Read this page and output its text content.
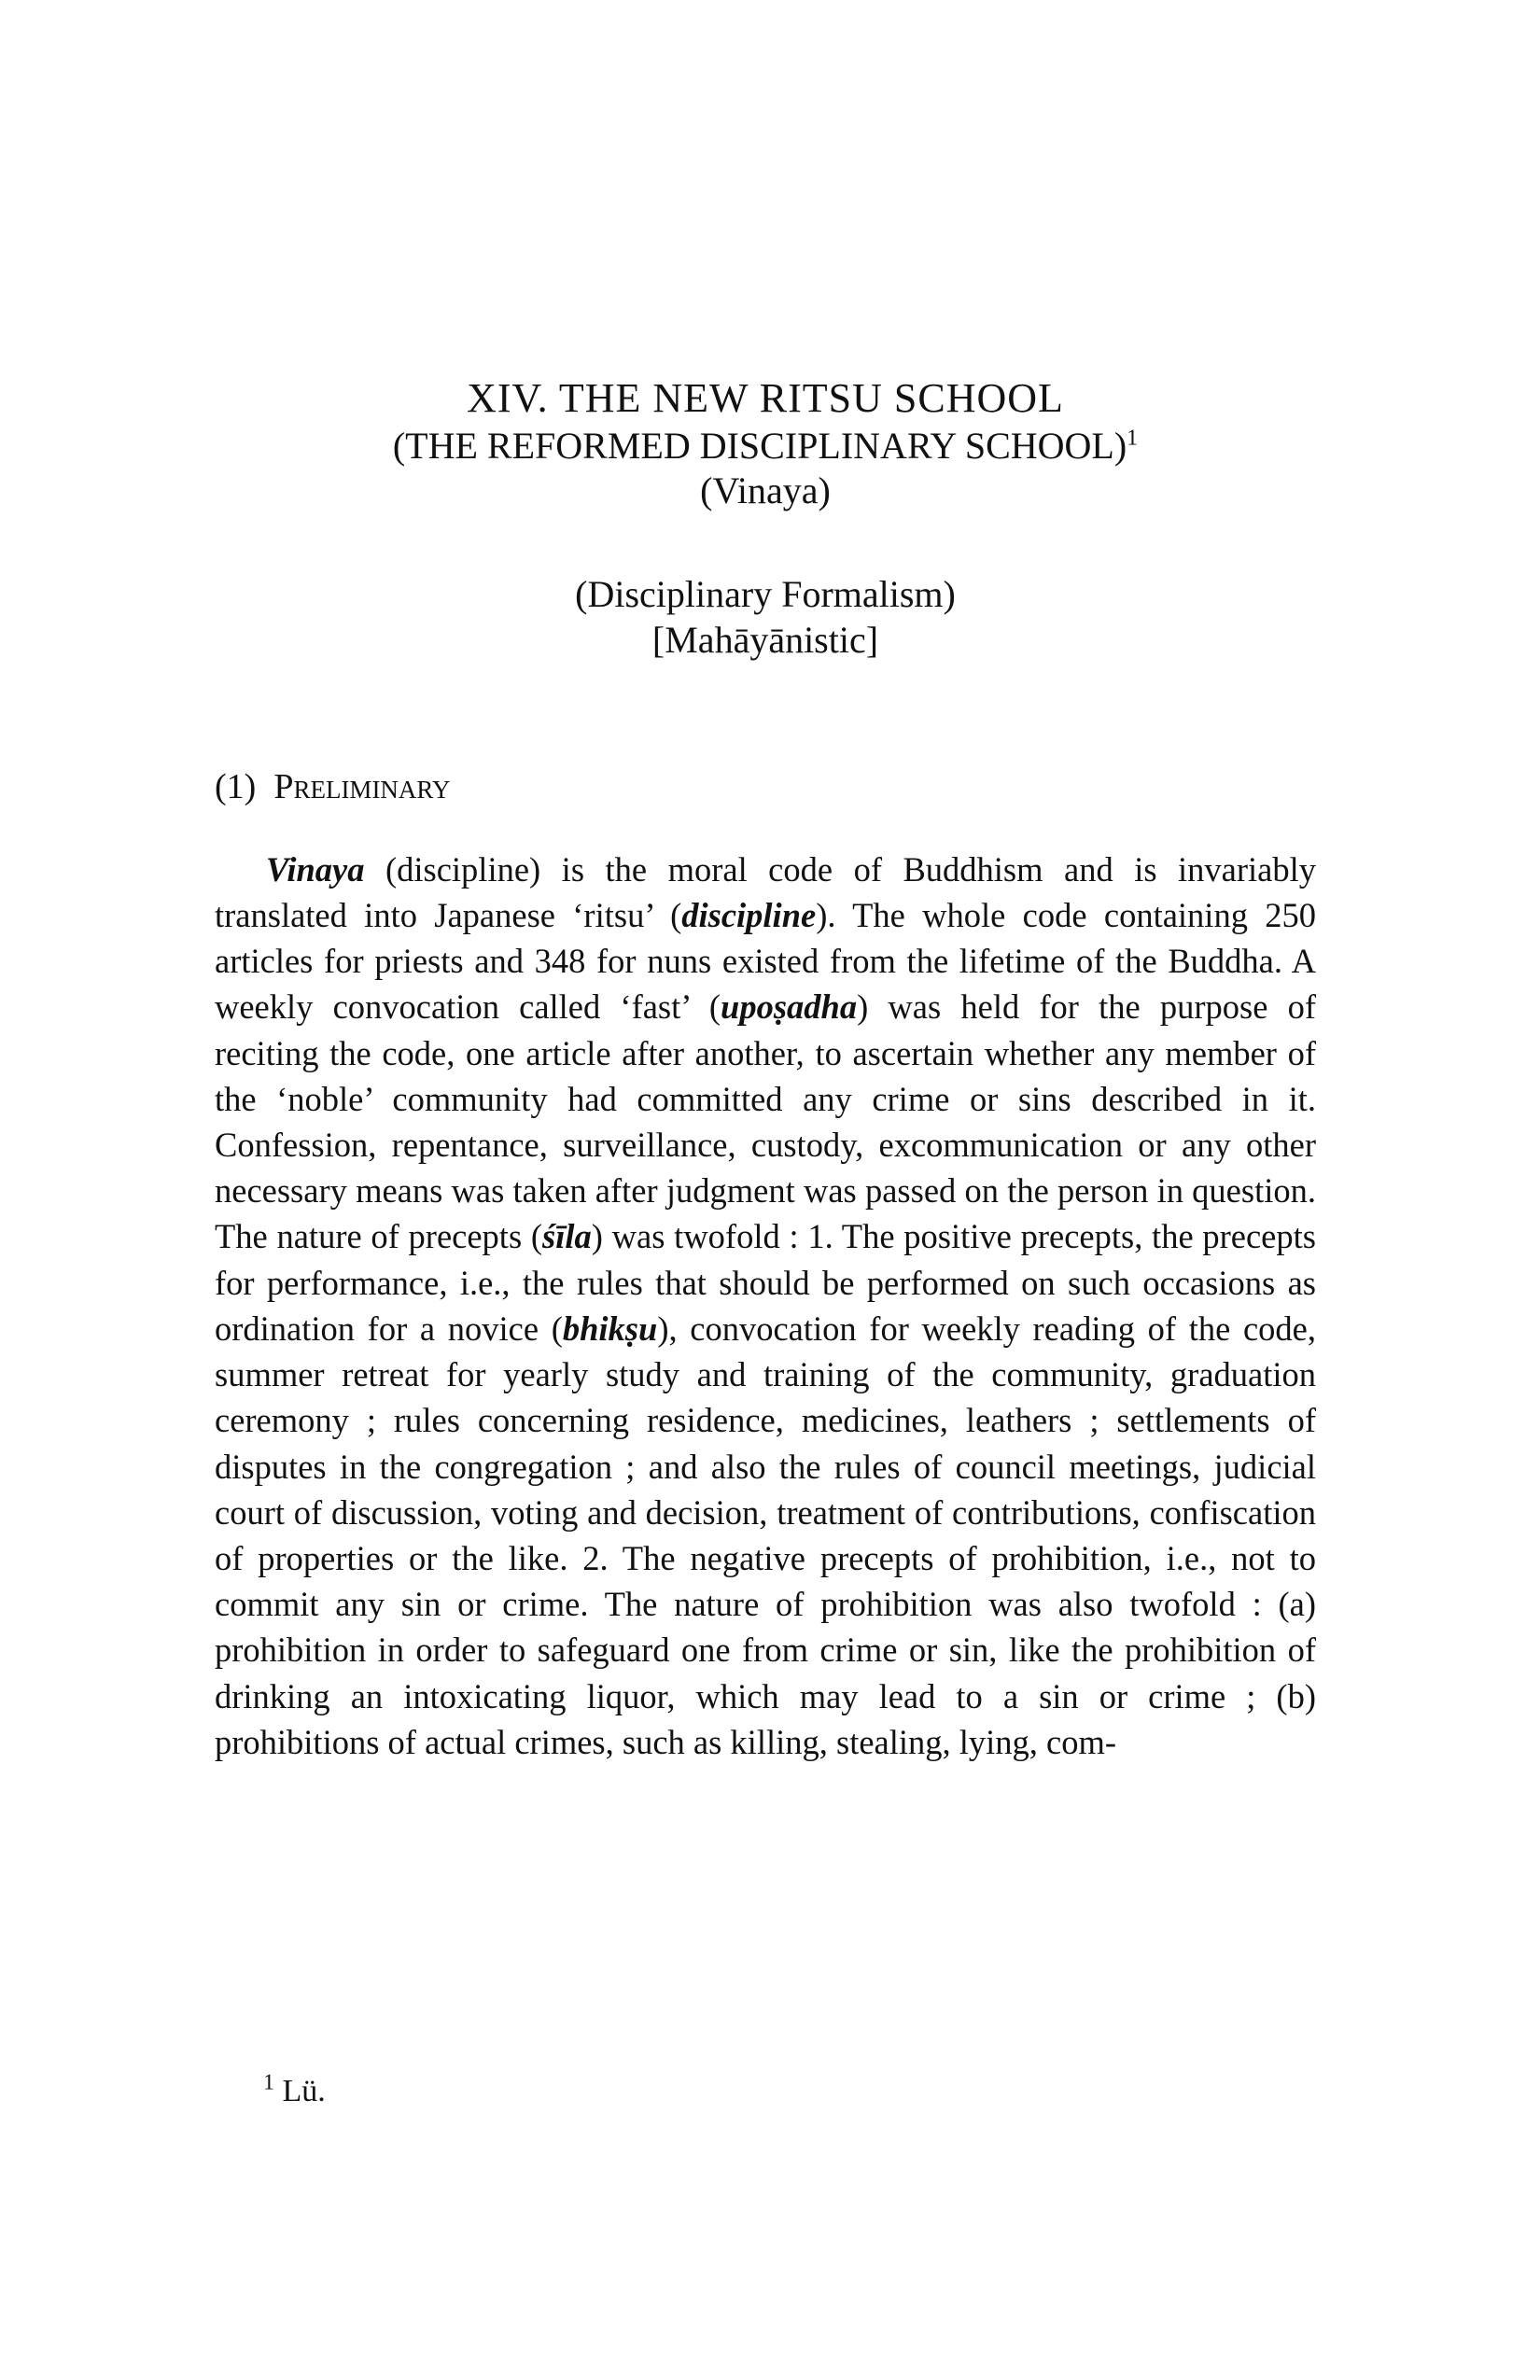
XIV. THE NEW RITSU SCHOOL
(THE REFORMED DISCIPLINARY SCHOOL)$^1$
(Vinaya)
(Disciplinary Formalism)
[Mahāyānistic]
(1) Preliminary

Vinaya (discipline) is the moral code of Buddhism and is invariably translated into Japanese ‘ritsu’ (discipline). The whole code containing 250 articles for priests and 348 for nuns existed from the lifetime of the Buddha. A weekly convocation called ‘fast’ (upoṣadha) was held for the purpose of reciting the code, one article after another, to ascertain whether any member of the ‘noble’ community had committed any crime or sins described in it. Confession, repentance, surveillance, custody, excommunication or any other necessary means was taken after judgment was passed on the person in question. The nature of precepts (śīla) was twofold : 1. The positive precepts, the precepts for performance, i.e., the rules that should be performed on such occasions as ordination for a novice (bhikṣu), convocation for weekly reading of the code, summer retreat for yearly study and training of the community, graduation ceremony ; rules concerning residence, medicines, leathers ; settlements of disputes in the congregation ; and also the rules of council meetings, judicial court of discussion, voting and decision, treatment of contributions, confiscation of properties or the like. 2. The negative precepts of prohibition, i.e., not to commit any sin or crime. The nature of prohibition was also twofold : (a) prohibition in order to safeguard one from crime or sin, like the prohibition of drinking an intoxicating liquor, which may lead to a sin or crime ; (b) prohibitions of actual crimes, such as killing, stealing, lying, com-

$^1$ Lü.
